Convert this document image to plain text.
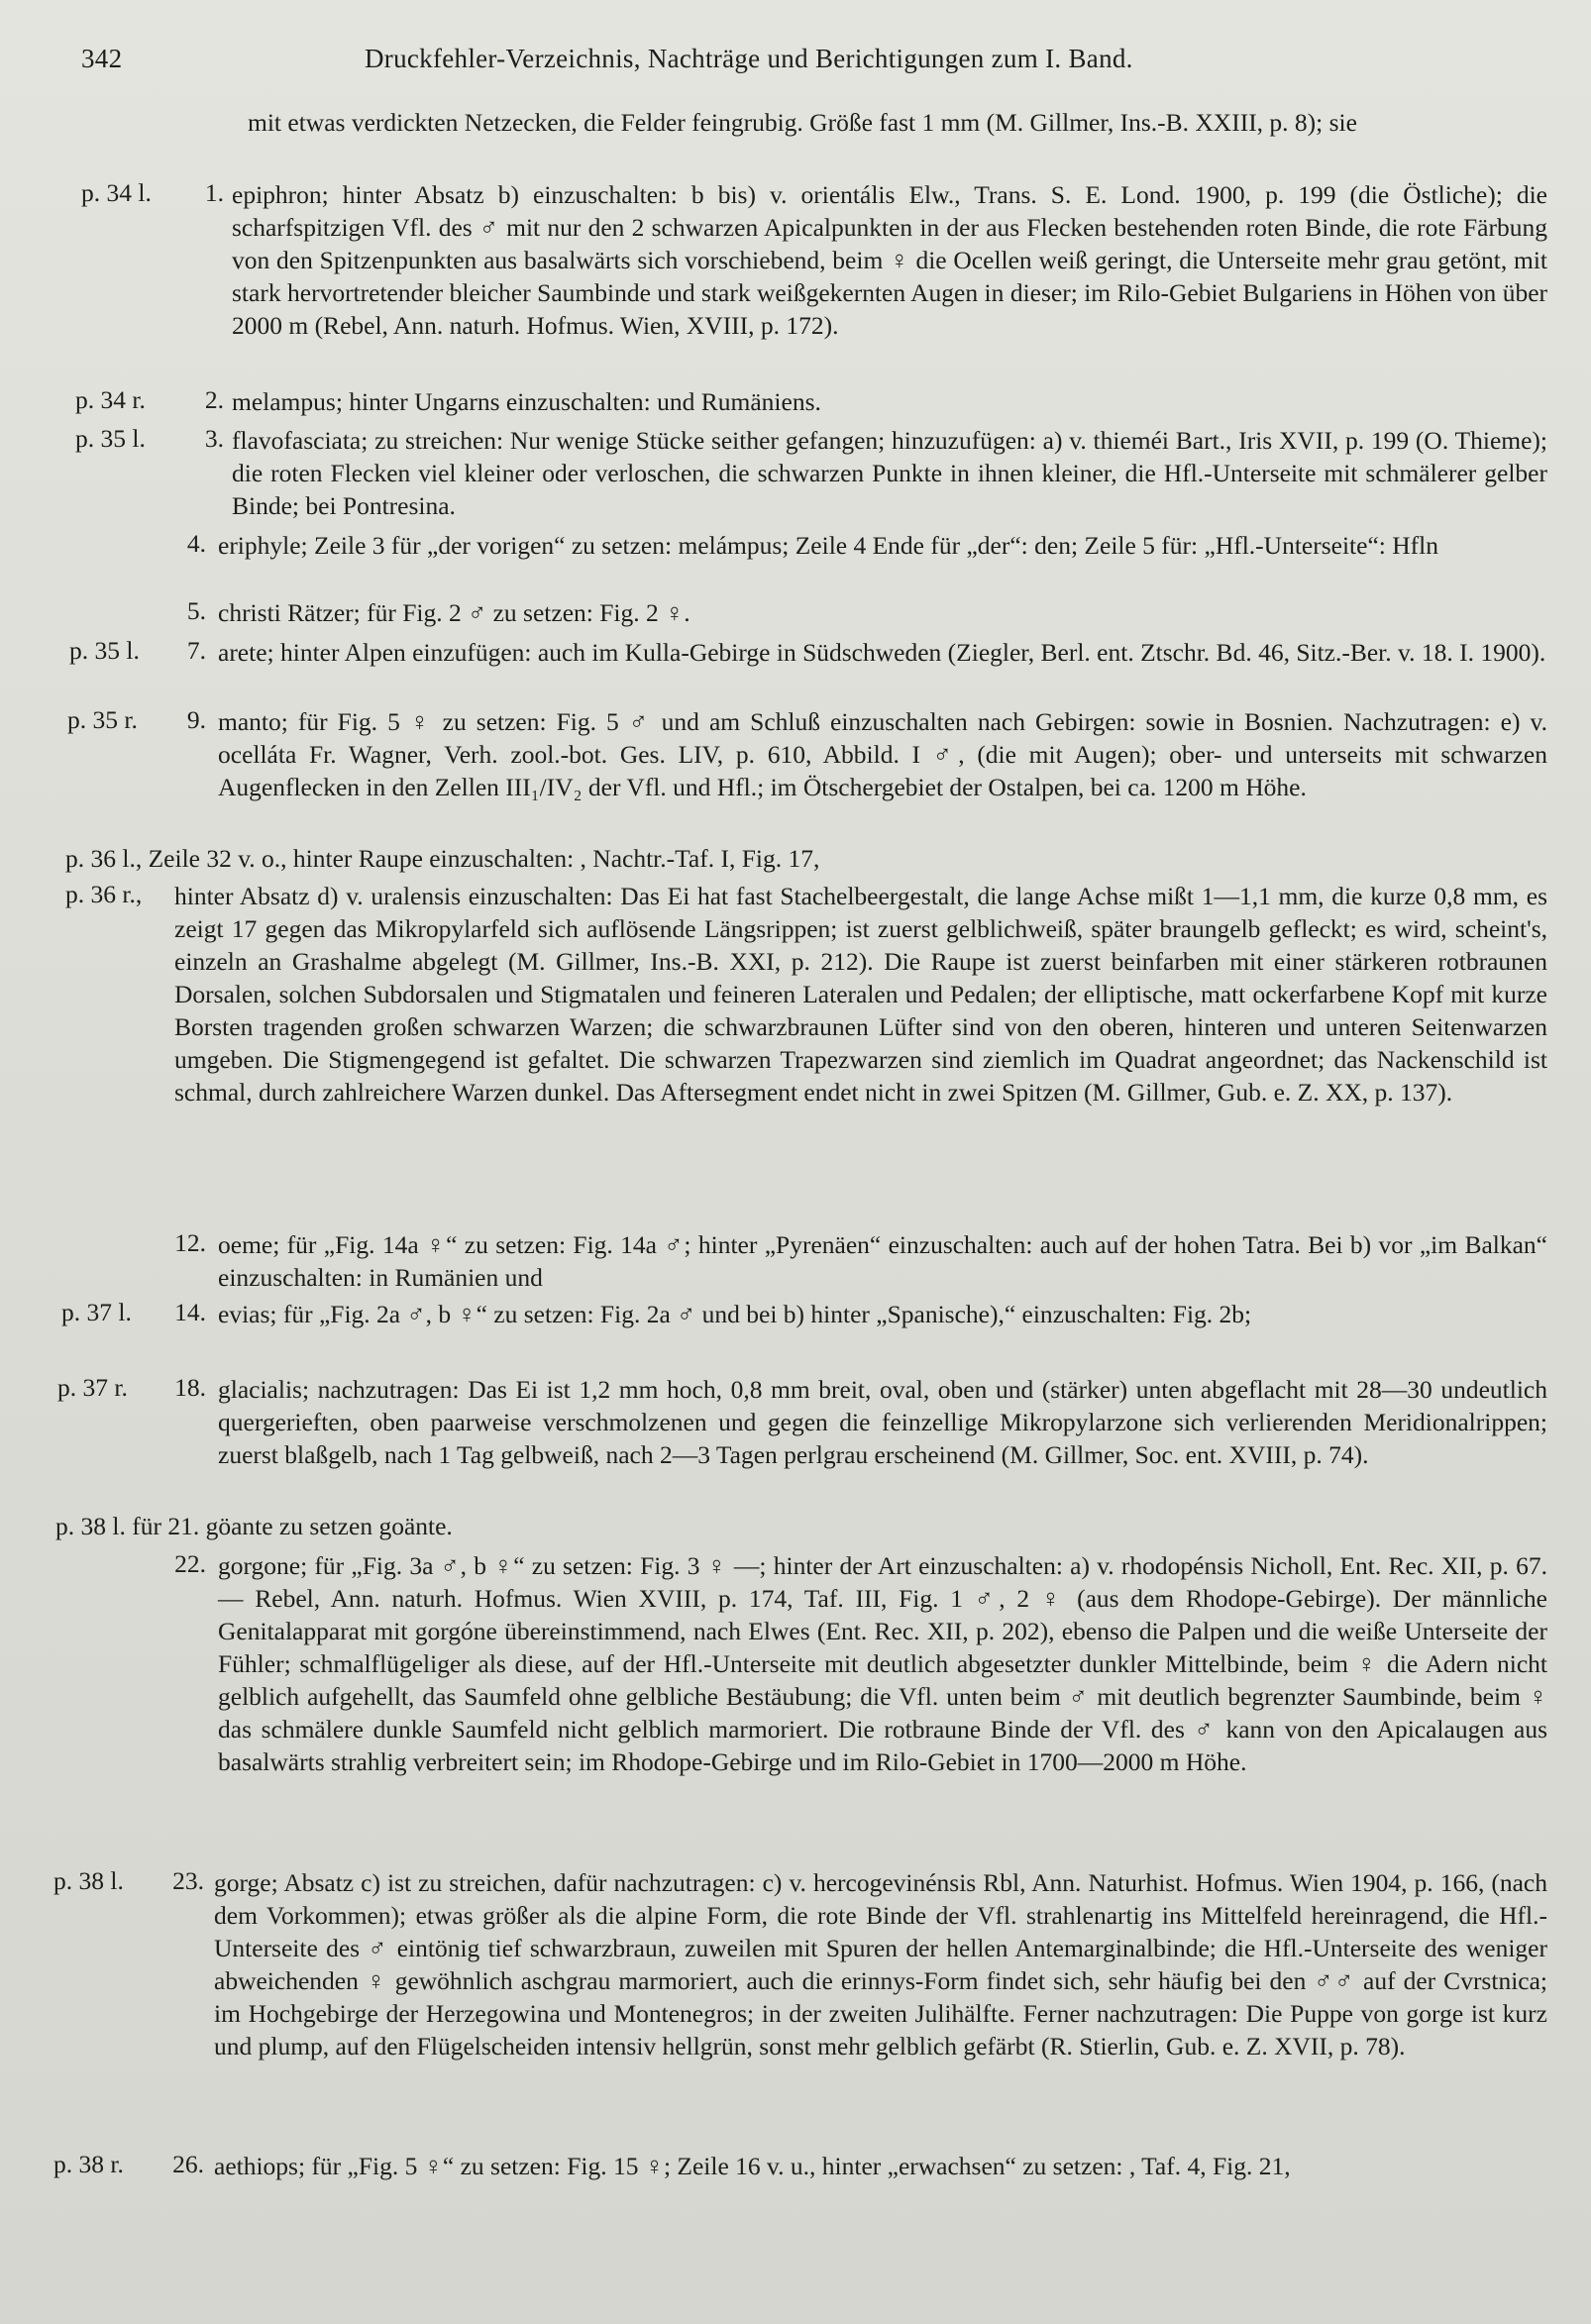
342	Druckfehler-Verzeichnis, Nachträge und Berichtigungen zum I. Band.
mit etwas verdickten Netzecken, die Felder feingrubig. Größe fast 1 mm (M. Gillmer, Ins.-B. XXIII, p. 8); sie
p. 34 l.	1. epiphron; hinter Absatz b) einzuschalten: b bis) v. orientális Elw., Trans. S. E. Lond. 1900, p. 199 (die Östliche); die scharfspitzigen Vfl. des ♂ mit nur den 2 schwarzen Apicalpunkten in der aus Flecken bestehenden roten Binde, die rote Färbung von den Spitzenpunkten aus basalwärts sich vorschiebend, beim ♀ die Ocellen weiß geringt, die Unterseite mehr grau getönt, mit stark hervortretender bleicher Saumbinde und stark weißgekernten Augen in dieser; im Rilo-Gebiet Bulgariens in Höhen von über 2000 m (Rebel, Ann. naturh. Hofmus. Wien, XVIII, p. 172).
p. 34 r.	2. melampus; hinter Ungarns einzuschalten: und Rumäniens.
p. 35 l.	3. flavofasciata; zu streichen: Nur wenige Stücke seither gefangen; hinzuzufügen: a) v. thieméi Bart., Iris XVII, p. 199 (O. Thieme); die roten Flecken viel kleiner oder verloschen, die schwarzen Punkte in ihnen kleiner, die Hfl.-Unterseite mit schmälerer gelber Binde; bei Pontresina.
4. eriphyle; Zeile 3 für „der vorigen“ zu setzen: melámpus; Zeile 4 Ende für „der“: den; Zeile 5 für: „Hfl.-Unterseite“: Hfln
5. christi Rätzer; für Fig. 2 ♂ zu setzen: Fig. 2 ♀.
p. 35 l.	7. arete; hinter Alpen einzufügen: auch im Kulla-Gebirge in Südschweden (Ziegler, Berl. ent. Ztschr. Bd. 46, Sitz.-Ber. v. 18. I. 1900).
p. 35 r.	9. manto; für Fig. 5 ♀ zu setzen: Fig. 5 ♂ und am Schluß einzuschalten nach Gebirgen: sowie in Bosnien. Nachzutragen: e) v. ocelláta Fr. Wagner, Verh. zool.-bot. Ges. LIV, p. 610, Abbild. I ♂, (die mit Augen); ober- und unterseits mit schwarzen Augenflecken in den Zellen III₁/IV₂ der Vfl. und Hfl.; im Ötschergebiet der Ostalpen, bei ca. 1200 m Höhe.
p. 36 l., Zeile 32 v. o., hinter Raupe einzuschalten: , Nachtr.-Taf. I, Fig. 17,
p. 36 r., hinter Absatz d) v. uralensis einzuschalten: Das Ei hat fast Stachelbeergestalt, die lange Achse mißt 1—1,1 mm, die kurze 0,8 mm, es zeigt 17 gegen das Mikropylarfeld sich auflösende Längsrippen; ist zuerst gelblichweiß, später braungelb gefleckt; es wird, scheint's, einzeln an Grashalme abgelegt (M. Gillmer, Ins.-B. XXI, p. 212). Die Raupe ist zuerst beinfarben mit einer stärkeren rotbraunen Dorsalen, solchen Subdorsalen und Stigmatalen und feineren Lateralen und Pedalen; der elliptische, matt ockerfarbene Kopf mit kurze Borsten tragenden großen schwarzen Warzen; die schwarzbraunen Lüfter sind von den oberen, hinteren und unteren Seitenwarzen umgeben. Die Stigmengegend ist gefaltet. Die schwarzen Trapezwarzen sind ziemlich im Quadrat angeordnet; das Nackenschild ist schmal, durch zahlreichere Warzen dunkel. Das Aftersegment endet nicht in zwei Spitzen (M. Gillmer, Gub. e. Z. XX, p. 137).
12. oeme; für „Fig. 14a ♀“ zu setzen: Fig. 14a ♂; hinter „Pyrenäen“ einzuschalten: auch auf der hohen Tatra. Bei b) vor „im Balkan“ einzuschalten: in Rumänien und
p. 37 l.	14. evias; für „Fig. 2a ♂, b ♀“ zu setzen: Fig. 2a ♂ und bei b) hinter „Spanische),“ einzuschalten: Fig. 2b;
p. 37 r.	18. glacialis; nachzutragen: Das Ei ist 1,2 mm hoch, 0,8 mm breit, oval, oben und (stärker) unten abgeflacht mit 28—30 undeutlich quergerieften, oben paarweise verschmolzenen und gegen die feinzellige Mikropylarzone sich verlierenden Meridionalrippen; zuerst blaßgelb, nach 1 Tag gelbweiß, nach 2—3 Tagen perlgrau erscheinend (M. Gillmer, Soc. ent. XVIII, p. 74).
p. 38 l. für 21. göante zu setzen goänte.
22. gorgone; für „Fig. 3a ♂, b ♀“ zu setzen: Fig. 3 ♀ —; hinter der Art einzuschalten: a) v. rhodopénsis Nicholl, Ent. Rec. XII, p. 67. — Rebel, Ann. naturh. Hofmus. Wien XVIII, p. 174, Taf. III, Fig. 1 ♂, 2 ♀ (aus dem Rhodope-Gebirge). Der männliche Genitalapparat mit gorgóne übereinstimmend, nach Elwes (Ent. Rec. XII, p. 202), ebenso die Palpen und die weiße Unterseite der Fühler; schmalflügeliger als diese, auf der Hfl.-Unterseite mit deutlich abgesetzter dunkler Mittelbinde, beim ♀ die Adern nicht gelblich aufgehellt, das Saumfeld ohne gelbliche Bestäubung; die Vfl. unten beim ♂ mit deutlich begrenzter Saumbinde, beim ♀ das schmälere dunkle Saumfeld nicht gelblich marmoriert. Die rotbraune Binde der Vfl. des ♂ kann von den Apicalaugen aus basalwärts strahlig verbreitert sein; im Rhodope-Gebirge und im Rilo-Gebiet in 1700—2000 m Höhe.
p. 38 l.	23. gorge; Absatz c) ist zu streichen, dafür nachzutragen: c) v. hercogevinénsis Rbl, Ann. Naturhist. Hofmus. Wien 1904, p. 166, (nach dem Vorkommen); etwas größer als die alpine Form, die rote Binde der Vfl. strahlenartig ins Mittelfeld hereinragend, die Hfl.-Unterseite des ♂ eintönig tief schwarzbraun, zuweilen mit Spuren der hellen Antemarginalbinde; die Hfl.-Unterseite des weniger abweichenden ♀ gewöhnlich aschgrau marmoriert, auch die erinnys-Form findet sich, sehr häufig bei den ♂♂ auf der Cvrstnica; im Hochgebirge der Herzegowina und Montenegros; in der zweiten Julihälfte. Ferner nachzutragen: Die Puppe von gorge ist kurz und plump, auf den Flügelscheiden intensiv hellgrün, sonst mehr gelblich gefärbt (R. Stierlin, Gub. e. Z. XVII, p. 78).
p. 38 r.	26. aethiops; für „Fig. 5 ♀“ zu setzen: Fig. 15 ♀; Zeile 16 v. u., hinter „erwachsen“ zu setzen: , Taf. 4, Fig. 21,
